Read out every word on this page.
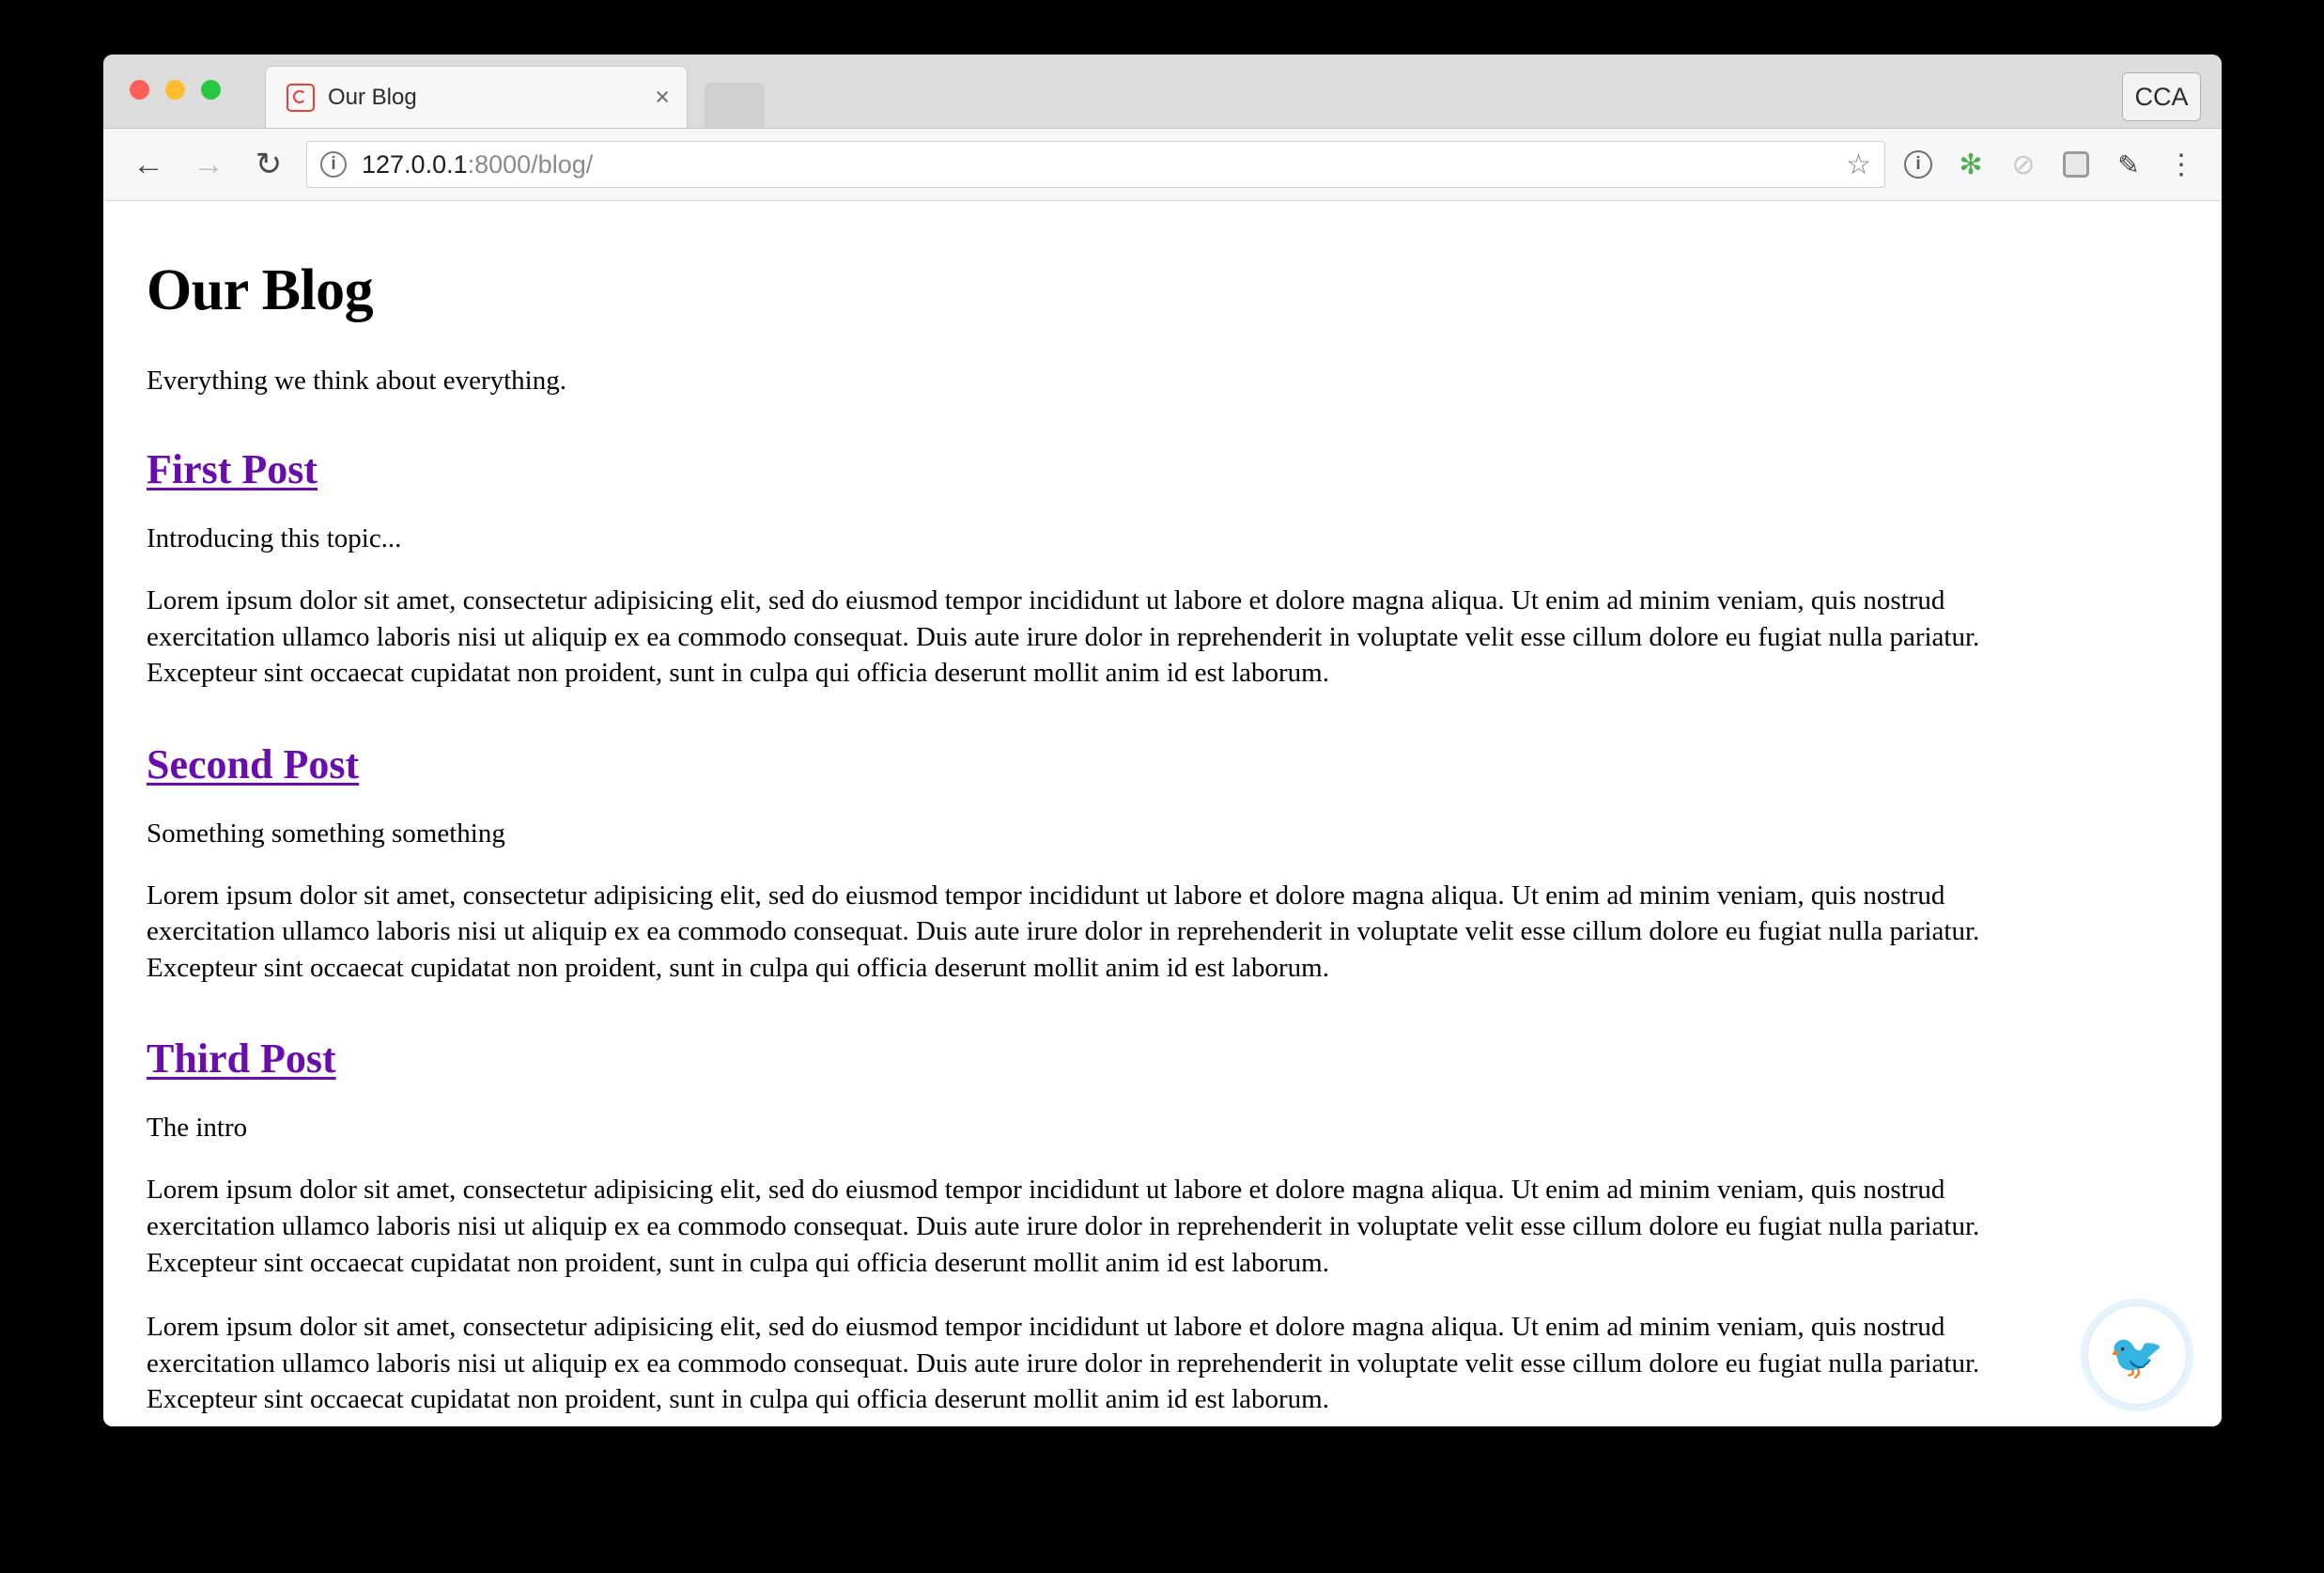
Our Blog	×	CCA
← → ↻	i	127.0.0.1:8000/blog/	☆	i	✻ ⊘	✎ ⋮
Our Blog

Everything we think about everything.

First Post

Introducing this topic...

Lorem ipsum dolor sit amet, consectetur adipisicing elit, sed do eiusmod tempor incididunt ut labore et dolore magna aliqua. Ut enim ad minim veniam, quis nostrud exercitation ullamco laboris nisi ut aliquip ex ea commodo consequat. Duis aute irure dolor in reprehenderit in voluptate velit esse cillum dolore eu fugiat nulla pariatur. Excepteur sint occaecat cupidatat non proident, sunt in culpa qui officia deserunt mollit anim id est laborum.

Second Post

Something something something

Lorem ipsum dolor sit amet, consectetur adipisicing elit, sed do eiusmod tempor incididunt ut labore et dolore magna aliqua. Ut enim ad minim veniam, quis nostrud exercitation ullamco laboris nisi ut aliquip ex ea commodo consequat. Duis aute irure dolor in reprehenderit in voluptate velit esse cillum dolore eu fugiat nulla pariatur. Excepteur sint occaecat cupidatat non proident, sunt in culpa qui officia deserunt mollit anim id est laborum.

Third Post

The intro

Lorem ipsum dolor sit amet, consectetur adipisicing elit, sed do eiusmod tempor incididunt ut labore et dolore magna aliqua. Ut enim ad minim veniam, quis nostrud exercitation ullamco laboris nisi ut aliquip ex ea commodo consequat. Duis aute irure dolor in reprehenderit in voluptate velit esse cillum dolore eu fugiat nulla pariatur. Excepteur sint occaecat cupidatat non proident, sunt in culpa qui officia deserunt mollit anim id est laborum.

Lorem ipsum dolor sit amet, consectetur adipisicing elit, sed do eiusmod tempor incididunt ut labore et dolore magna aliqua. Ut enim ad minim veniam, quis nostrud exercitation ullamco laboris nisi ut aliquip ex ea commodo consequat. Duis aute irure dolor in reprehenderit in voluptate velit esse cillum dolore eu fugiat nulla pariatur. Excepteur sint occaecat cupidatat non proident, sunt in culpa qui officia deserunt mollit anim id est laborum.

🐦
